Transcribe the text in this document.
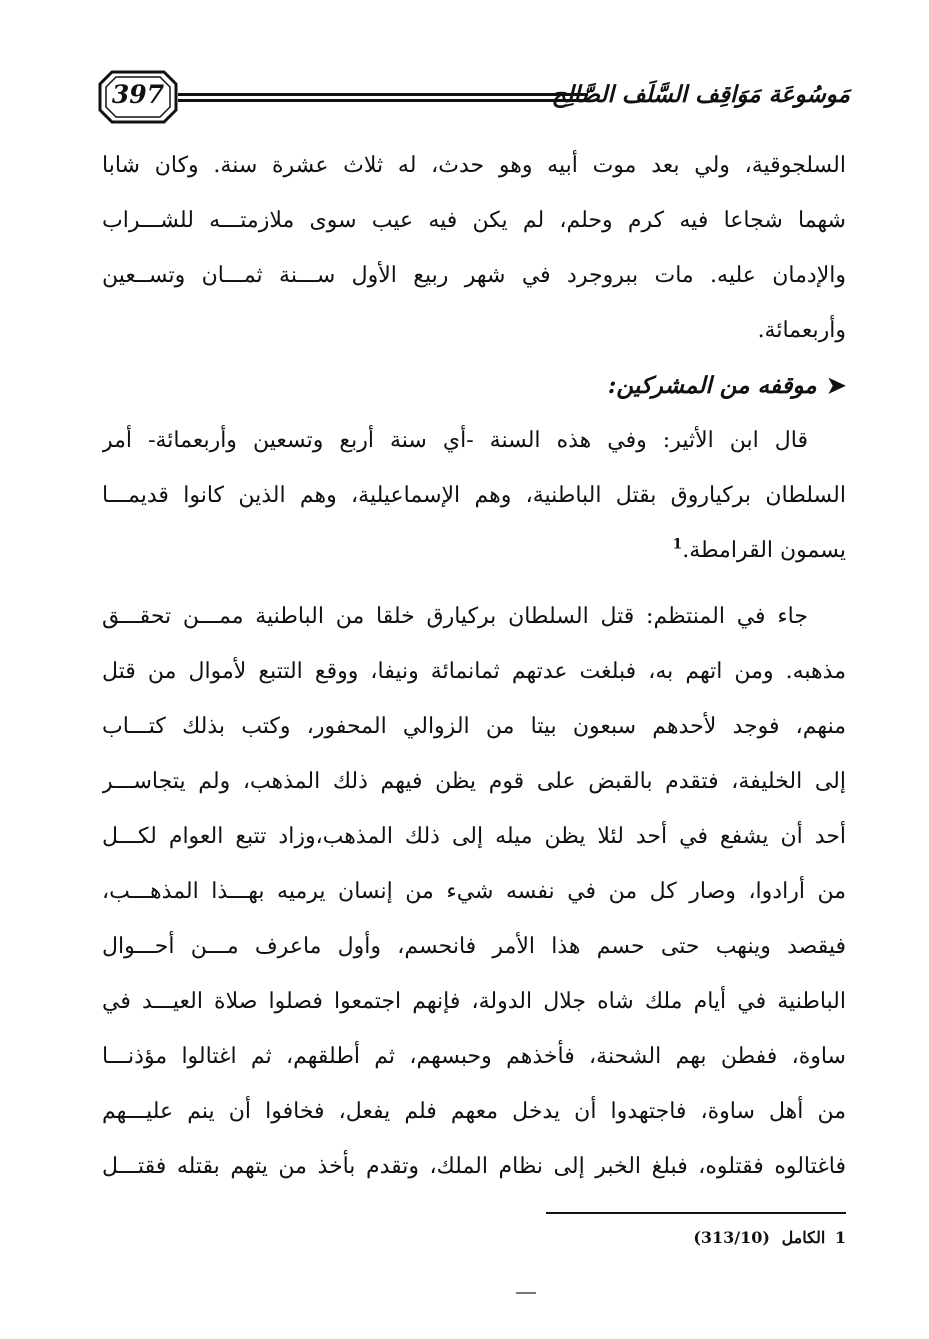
397	مَوسُوعَة مَوَاقِف السَّلَف الصَّالِح
السلجوقية، ولي بعد موت أبيه وهو حدث، له ثلاث عشرة سنة. وكان شابا
شهما شجاعا فيه كرم وحلم، لم يكن فيه عيب سوى ملازمتـــه للشـــراب
والإدمان عليه. مات ببروجرد في شهر ربيع الأول ســـنة ثمـــان وتســعين
وأربعمائة.
➤موقفه من المشركين:
قال ابن الأثير: وفي هذه السنة -أي سنة أربع وتسعين وأربعمائة- أمر
السلطان بركياروق بقتل الباطنية، وهم الإسماعيلية، وهم الذين كانوا قديمـــا
يسمون القرامطة.$^1$
جاء في المنتظم: قتل السلطان بركيارق خلقا من الباطنية ممـــن تحقـــق
مذهبه. ومن اتهم به، فبلغت عدتهم ثمانمائة ونيفا، ووقع التتبع لأموال من قتل
منهم، فوجد لأحدهم سبعون بيتا من الزوالي المحفور، وكتب بذلك كتـــاب
إلى الخليفة، فتقدم بالقبض على قوم يظن فيهم ذلك المذهب، ولم يتجاســـر
أحد أن يشفع في أحد لئلا يظن ميله إلى ذلك المذهب،وزاد تتبع العوام لكـــل
من أرادوا، وصار كل من في نفسه شيء من إنسان يرميه بهـــذا المذهـــب،
فيقصد وينهب حتى حسم هذا الأمر فانحسم، وأول ماعرف مـــن أحـــوال
الباطنية في أيام ملك شاه جلال الدولة، فإنهم اجتمعوا فصلوا صلاة العيـــد في
ساوة، ففطن بهم الشحنة، فأخذهم وحبسهم، ثم أطلقهم، ثم اغتالوا مؤذنـــا
من أهل ساوة، فاجتهدوا أن يدخل معهم فلم يفعل، فخافوا أن ينم عليـــهم
فاغتالوه فقتلوه، فبلغ الخبر إلى نظام الملك، وتقدم بأخذ من يتهم بقتله فقتـــل
1 الكامل (313/10)
